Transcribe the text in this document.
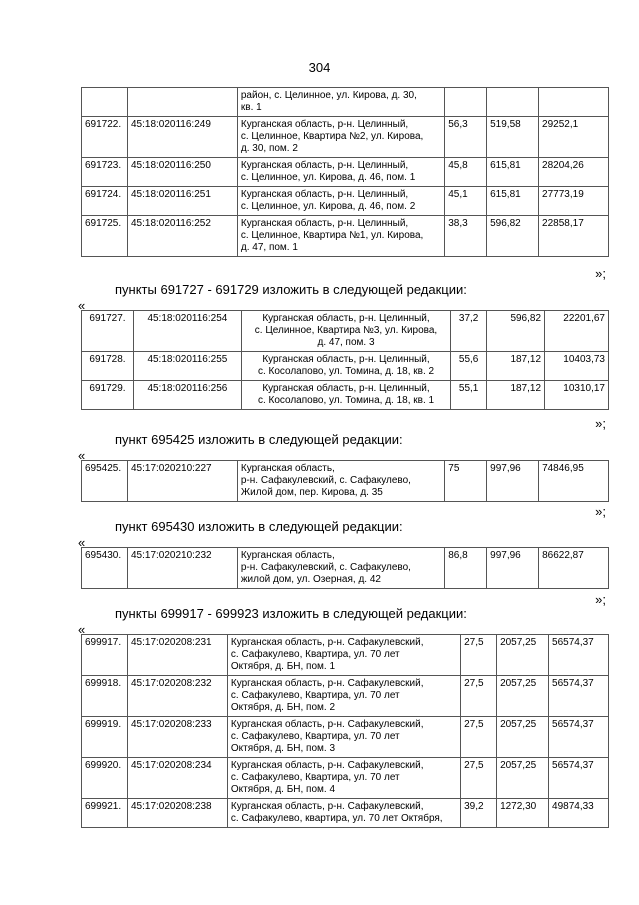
304

		район, с. Целинное, ул. Кирова, д. 30,
кв. 1			

691722.	45:18:020116:249	Курганская область, р-н. Целинный,
с. Целинное, Квартира №2, ул. Кирова,
д. 30, пом. 2	56,3	519,58	29252,1
691723.	45:18:020116:250	Курганская область, р-н. Целинный,
с. Целинное, ул. Кирова, д. 46, пом. 1	45,8	615,81	28204,26
691724.	45:18:020116:251	Курганская область, р-н. Целинный,
с. Целинное, ул. Кирова, д. 46, пом. 2	45,1	615,81	27773,19
691725.	45:18:020116:252	Курганская область, р-н. Целинный,
с. Целинное, Квартира №1, ул. Кирова,
д. 47, пом. 1	38,3	596,82	22858,17
»;
пункты 691727 - 691729 изложить в следующей редакции:
«
691727.	45:18:020116:254	Курганская область, р-н. Целинный,
с. Целинное, Квартира №3, ул. Кирова,
д. 47, пом. 3	37,2	596,82	22201,67
691728.	45:18:020116:255	Курганская область, р-н. Целинный,
с. Косолапово, ул. Томина, д. 18, кв. 2	55,6	187,12	10403,73
691729.	45:18:020116:256	Курганская область, р-н. Целинный,
с. Косолапово, ул. Томина, д. 18, кв. 1	55,1	187,12	10310,17
»;
пункт 695425 изложить в следующей редакции:
«
695425.	45:17:020210:227	Курганская область,
р-н. Сафакулевский, с. Сафакулево,
Жилой дом, пер. Кирова, д. 35
	75	997,96	74846,95
»;
пункт 695430 изложить в следующей редакции:
«
695430.	45:17:020210:232	Курганская область,
р-н. Сафакулевский, с. Сафакулево,
жилой дом, ул. Озерная, д. 42
	86,8	997,96	86622,87
»;
пункты 699917 - 699923 изложить в следующей редакции:
«
699917.	45:17:020208:231	Курганская область, р-н. Сафакулевский,
с. Сафакулево, Квартира, ул. 70 лет
Октября, д. БН, пом. 1	27,5	2057,25	56574,37
699918.	45:17:020208:232	Курганская область, р-н. Сафакулевский,
с. Сафакулево, Квартира, ул. 70 лет
Октября, д. БН, пом. 2	27,5	2057,25	56574,37
699919.	45:17:020208:233	Курганская область, р-н. Сафакулевский,
с. Сафакулево, Квартира, ул. 70 лет
Октября, д. БН, пом. 3	27,5	2057,25	56574,37
699920.	45:17:020208:234	Курганская область, р-н. Сафакулевский,
с. Сафакулево, Квартира, ул. 70 лет
Октября, д. БН, пом. 4	27,5	2057,25	56574,37
699921.	45:17:020208:238	Курганская область, р-н. Сафакулевский,
с. Сафакулево, квартира, ул. 70 лет Октября,	39,2	1272,30	49874,33
